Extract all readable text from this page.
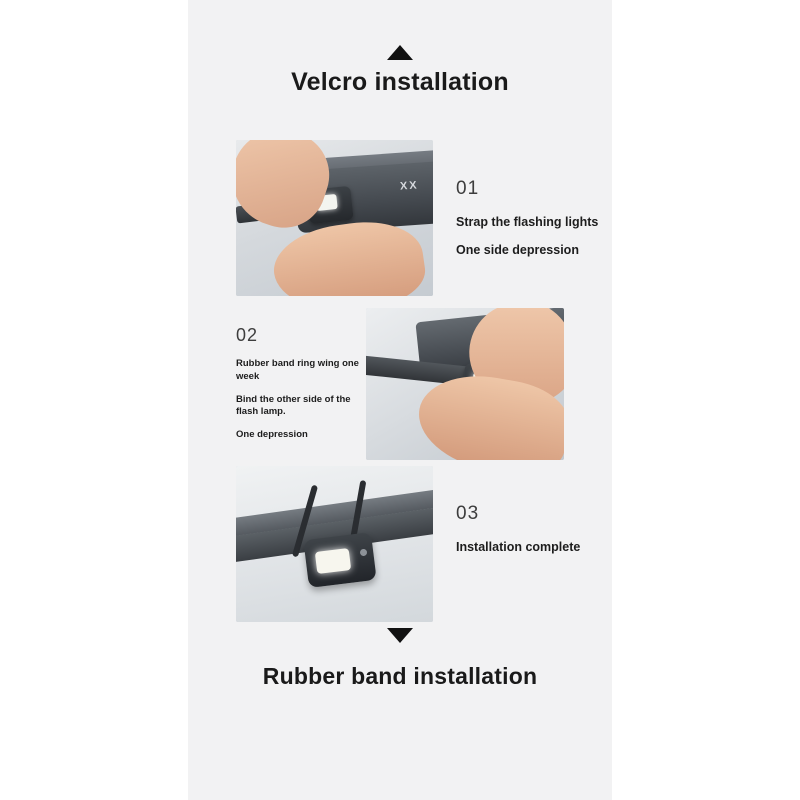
Velcro installation
XX 01
Strap the flashing lights
One side depression
02
Rubber band ring wing one week
Bind the other side of the flash lamp.
One depression
03
Installation complete
Rubber band installation
